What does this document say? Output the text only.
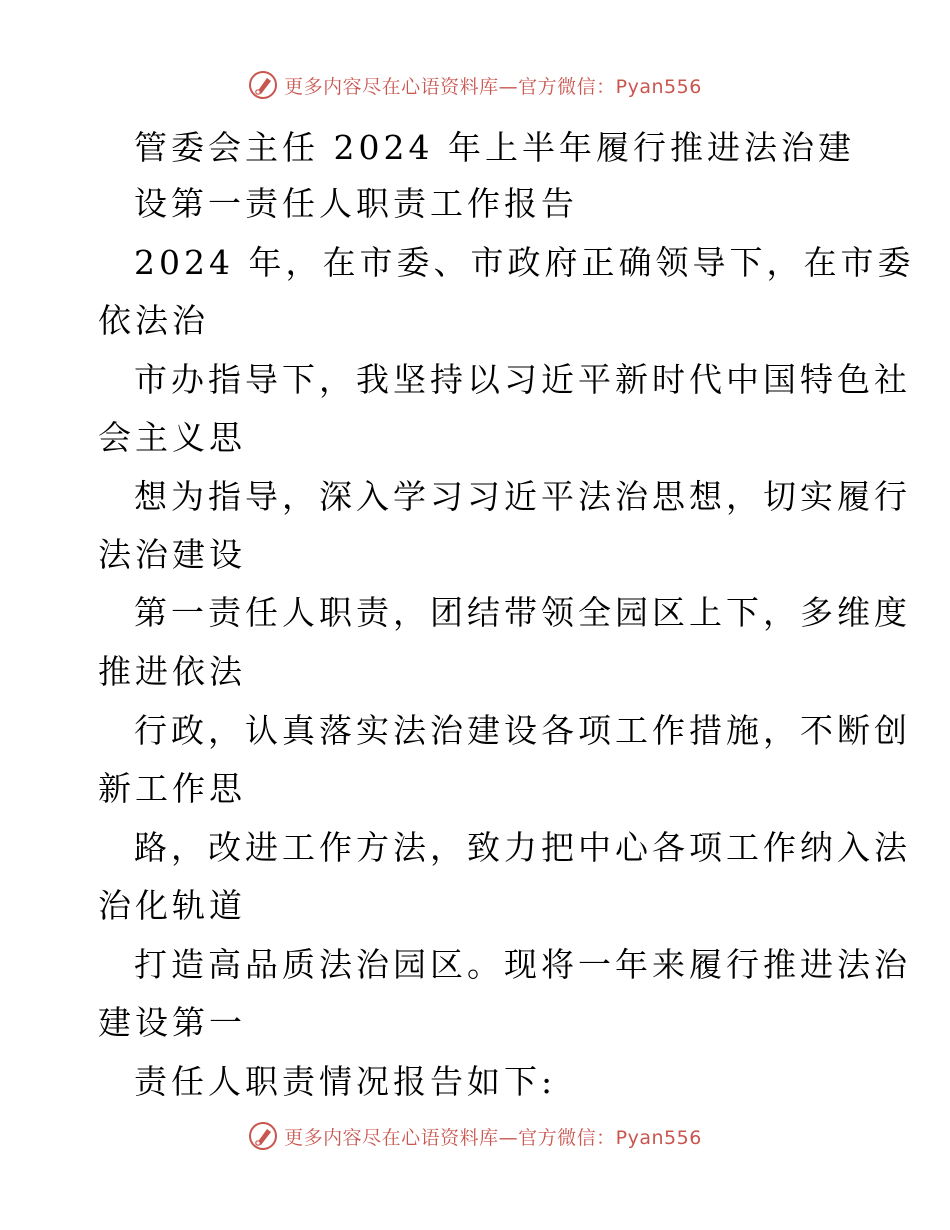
更多内容尽在心语资料库—官方微信：Pyan556
管委会主任 2024 年上半年履行推进法治建
设第一责任人职责工作报告
2024 年，在市委、市政府正确领导下，在市委
依法治
市办指导下，我坚持以习近平新时代中国特色社
会主义思
想为指导，深入学习习近平法治思想，切实履行
法治建设
第一责任人职责，团结带领全园区上下，多维度
推进依法
行政，认真落实法治建设各项工作措施，不断创
新工作思
路，改进工作方法，致力把中心各项工作纳入法
治化轨道
打造高品质法治园区。现将一年来履行推进法治
建设第一
责任人职责情况报告如下:
更多内容尽在心语资料库—官方微信：Pyan556
